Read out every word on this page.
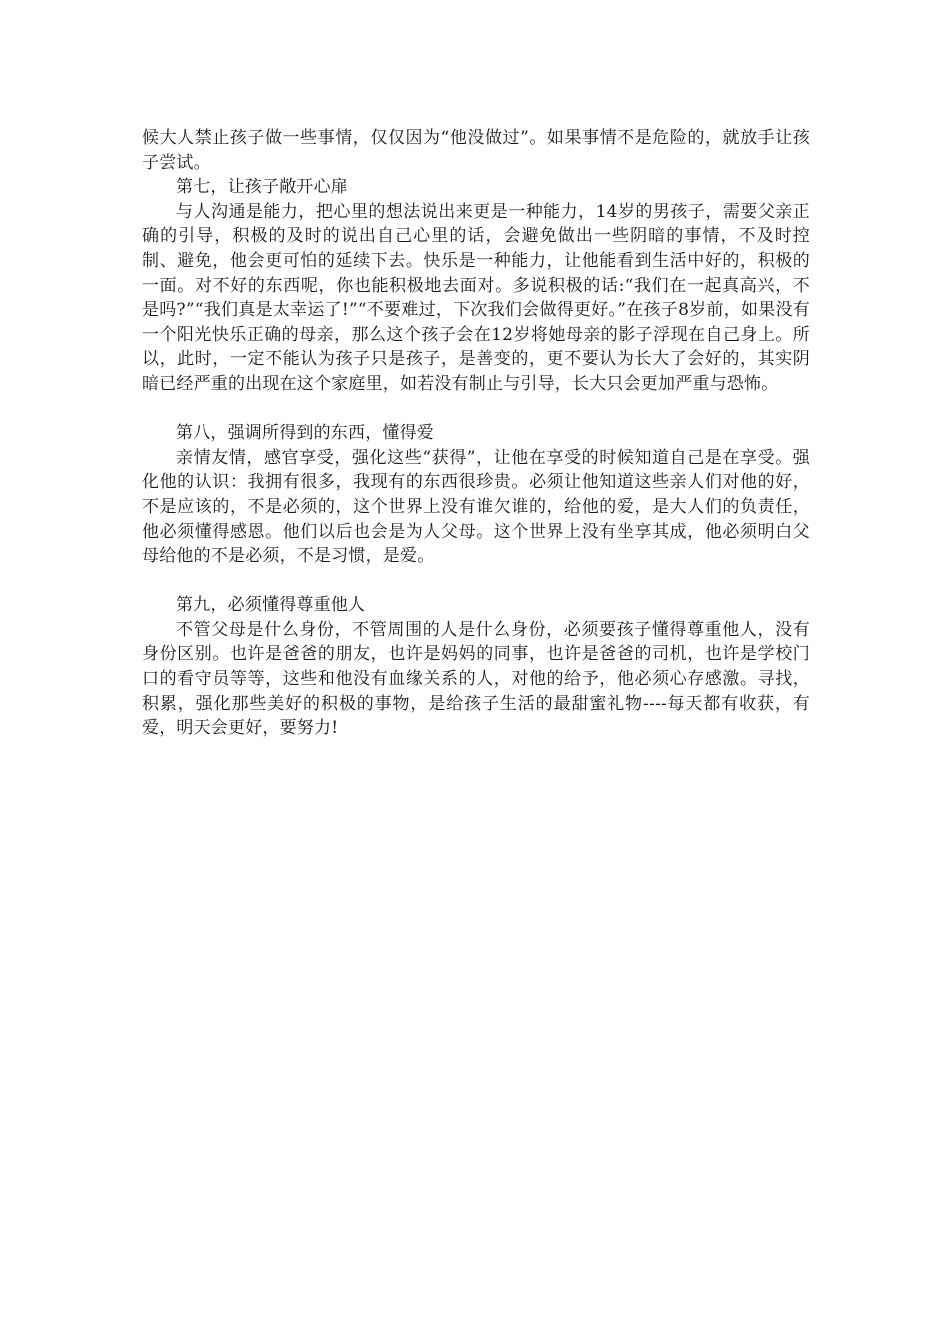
候大人禁止孩子做一些事情，仅仅因为“他没做过”。如果事情不是危险的，就放手让孩子尝试。

第七，让孩子敞开心扉

与人沟通是能力，把心里的想法说出来更是一种能力，14岁的男孩子，需要父亲正确的引导，积极的及时的说出自己心里的话，会避免做出一些阴暗的事情，不及时控制、避免，他会更可怕的延续下去。快乐是一种能力，让他能看到生活中好的，积极的一面。对不好的东西呢，你也能积极地去面对。多说积极的话:“我们在一起真高兴，不是吗?”“我们真是太幸运了!”“不要难过，下次我们会做得更好。”在孩子8岁前，如果没有一个阳光快乐正确的母亲，那么这个孩子会在12岁将她母亲的影子浮现在自己身上。所以，此时，一定不能认为孩子只是孩子，是善变的，更不要认为长大了会好的，其实阴暗已经严重的出现在这个家庭里，如若没有制止与引导，长大只会更加严重与恐怖。

第八，强调所得到的东西，懂得爱

亲情友情，感官享受，强化这些“获得”，让他在享受的时候知道自己是在享受。强化他的认识：我拥有很多，我现有的东西很珍贵。必须让他知道这些亲人们对他的好，不是应该的，不是必须的，这个世界上没有谁欠谁的，给他的爱，是大人们的负责任，他必须懂得感恩。他们以后也会是为人父母。这个世界上没有坐享其成，他必须明白父母给他的不是必须，不是习惯，是爱。

第九，必须懂得尊重他人

不管父母是什么身份，不管周围的人是什么身份，必须要孩子懂得尊重他人，没有身份区别。也许是爸爸的朋友，也许是妈妈的同事，也许是爸爸的司机，也许是学校门口的看守员等等，这些和他没有血缘关系的人，对他的给予，他必须心存感激。寻找，积累，强化那些美好的积极的事物，是给孩子生活的最甜蜜礼物----每天都有收获，有爱，明天会更好，要努力!
